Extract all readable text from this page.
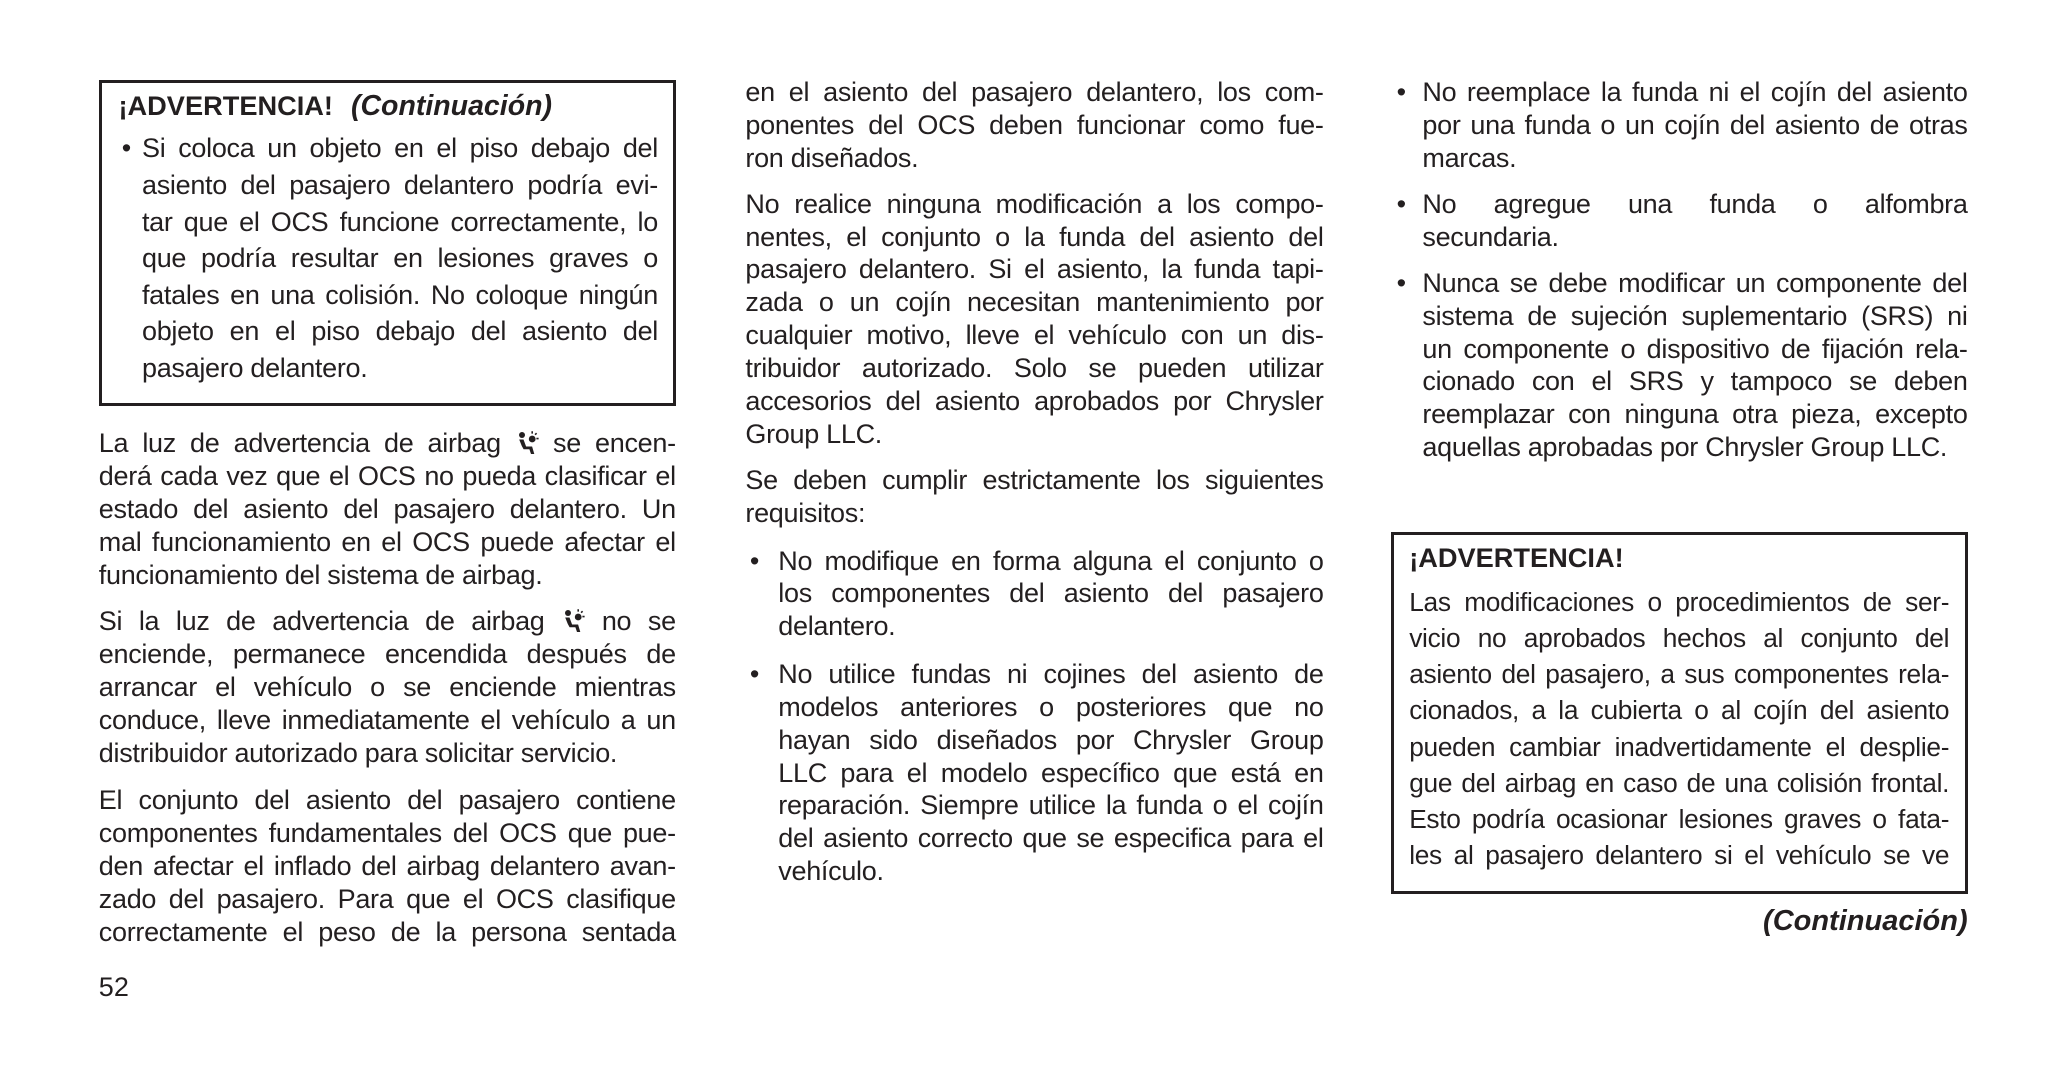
¡ADVERTENCIA! (Continuación)
• Si coloca un objeto en el piso debajo del
asiento del pasajero delantero podría evi-
tar que el OCS funcione correctamente, lo
que podría resultar en lesiones graves o
fatales en una colisión. No coloque ningún
objeto en el piso debajo del asiento del
pasajero delantero.
La luz de advertencia de airbag se encen-
derá cada vez que el OCS no pueda clasificar el
estado del asiento del pasajero delantero. Un
mal funcionamiento en el OCS puede afectar el
funcionamiento del sistema de airbag.
Si la luz de advertencia de airbag no se
enciende, permanece encendida después de
arrancar el vehículo o se enciende mientras
conduce, lleve inmediatamente el vehículo a un
distribuidor autorizado para solicitar servicio.
El conjunto del asiento del pasajero contiene
componentes fundamentales del OCS que pue-
den afectar el inflado del airbag delantero avan-
zado del pasajero. Para que el OCS clasifique
correctamente el peso de la persona sentada
52
en el asiento del pasajero delantero, los com-
ponentes del OCS deben funcionar como fue-
ron diseñados.
No realice ninguna modificación a los compo-
nentes, el conjunto o la funda del asiento del
pasajero delantero. Si el asiento, la funda tapi-
zada o un cojín necesitan mantenimiento por
cualquier motivo, lleve el vehículo con un dis-
tribuidor autorizado. Solo se pueden utilizar
accesorios del asiento aprobados por Chrysler
Group LLC.
Se deben cumplir estrictamente los siguientes
requisitos:
• No modifique en forma alguna el conjunto o
los componentes del asiento del pasajero
delantero.
• No utilice fundas ni cojines del asiento de
modelos anteriores o posteriores que no
hayan sido diseñados por Chrysler Group
LLC para el modelo específico que está en
reparación. Siempre utilice la funda o el cojín
del asiento correcto que se especifica para el
vehículo.
• No reemplace la funda ni el cojín del asiento
por una funda o un cojín del asiento de otras
marcas.
• No agregue una funda o alfombra
secundaria.
• Nunca se debe modificar un componente del
sistema de sujeción suplementario (SRS) ni
un componente o dispositivo de fijación rela-
cionado con el SRS y tampoco se deben
reemplazar con ninguna otra pieza, excepto
aquellas aprobadas por Chrysler Group LLC.
¡ADVERTENCIA!
Las modificaciones o procedimientos de ser-
vicio no aprobados hechos al conjunto del
asiento del pasajero, a sus componentes rela-
cionados, a la cubierta o al cojín del asiento
pueden cambiar inadvertidamente el desplie-
gue del airbag en caso de una colisión frontal.
Esto podría ocasionar lesiones graves o fata-
les al pasajero delantero si el vehículo se ve
(Continuación)
